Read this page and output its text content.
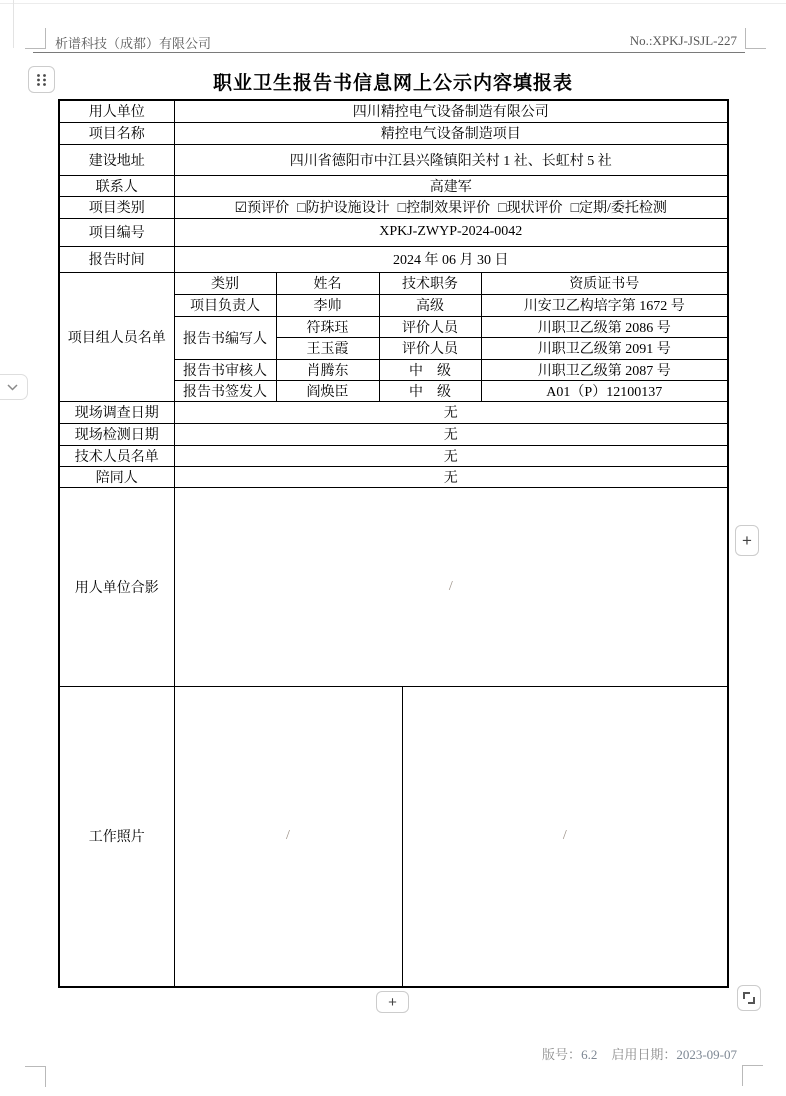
析谱科技（成都）有限公司	No.:XPKJ-JSJL-227
职业卫生报告书信息网上公示内容填报表
用人单位	四川精控电气设备制造有限公司				
项目名称	精控电气设备制造项目				
建设地址	四川省德阳市中江县兴隆镇阳关村 1 社、长虹村 5 社				
联系人	高建军				
项目类别	☑预评价 □防护设施设计 □控制效果评价 □现状评价 □定期/委托检测				
项目编号	XPKJ-ZWYP-2024-0042				
报告时间	2024 年 06 月 30 日				
项目组人员名单	类别	姓名	技术职务		资质证书号
	项目负责人	李帅	高级		川安卫乙构培字第 1672 号
	报告书编写人	符珠珏	评价人员		川职卫乙级第 2086 号
		王玉霞	评价人员		川职卫乙级第 2091 号
	报告书审核人	肖腾东	中　级		川职卫乙级第 2087 号
	报告书签发人	阎焕臣	中　级		A01（P）12100137
现场调查日期	无				
现场检测日期	无				
技术人员名单	无				
陪同人	无				
用人单位合影	/				
工作照片	/			/	
+
+
版号：6.2 启用日期：2023-09-07
